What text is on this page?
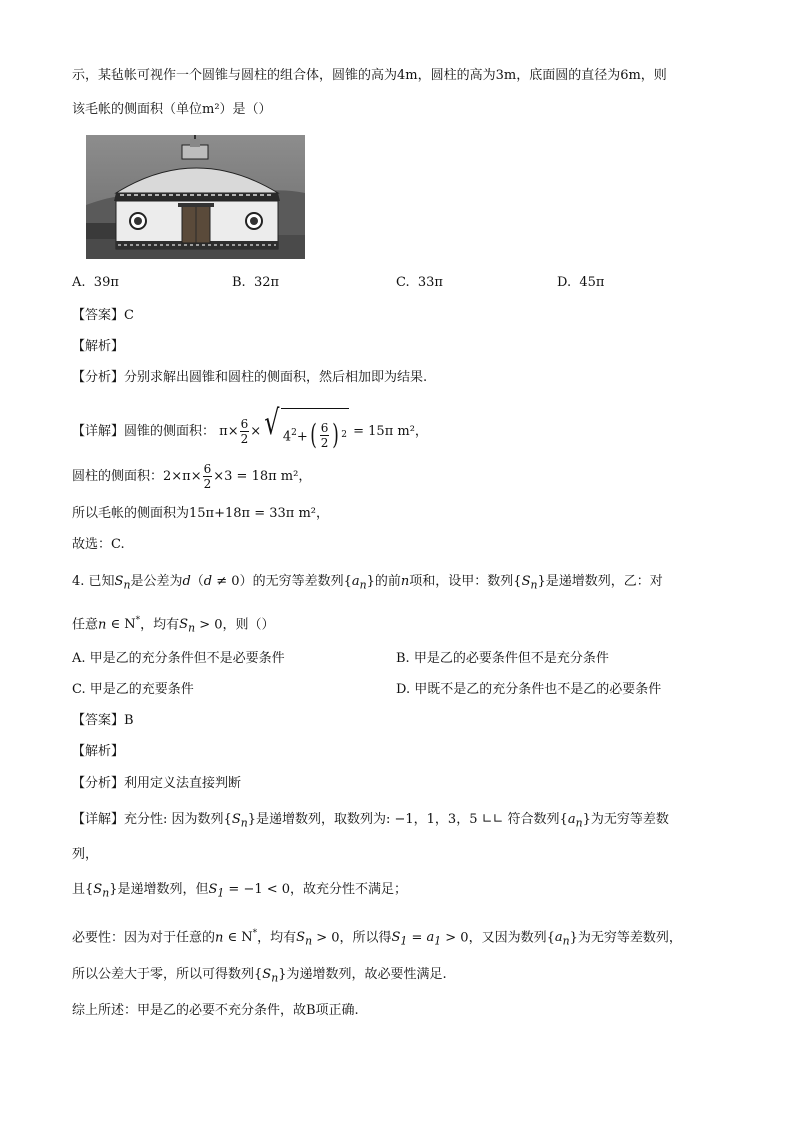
示，某毡帐可视作一个圆锥与圆柱的组合体，圆锥的高为4m，圆柱的高为3m，底面圆的直径为6m，则
该毛帐的侧面积（单位m²）是（）
A. 39π	B. 32π	C. 33π	D. 45π
【答案】C
【解析】
【分析】分别求解出圆锥和圆柱的侧面积，然后相加即为结果.
【详解】圆锥的侧面积： $\pi\times \frac{6}{2}$ × √ $4^2+$ ( $\frac{6}{2}$ ) 2 = 15π m²，
圆柱的侧面积：$2\times\pi\times \frac{6}{2} \times 3 = 18\pi$ m²，
所以毛帐的侧面积为15π+18π = 33π m²，
故选：C.
4. 已知$S_n$是公差为d（d ≠ 0）的无穷等差数列$\{a_n\}$的前n项和，设甲：数列$\{S_n\}$是递增数列，乙：对
任意n ∈ N*，均有$S_n > 0$，则（）
A. 甲是乙的充分条件但不是必要条件	B. 甲是乙的必要条件但不是充分条件
C. 甲是乙的充要条件	D. 甲既不是乙的充分条件也不是乙的必要条件
【答案】B
【解析】
【分析】利用定义法直接判断
【详解】充分性: 因为数列$\{S_n\}$是递增数列，取数列为: −1，1，3，5 ∟∟ 符合数列$\{a_n\}$为无穷等差数
列，
且$\{S_n\}$是递增数列，但$S_1 = -1 < 0$，故充分性不满足；
必要性：因为对于任意的n ∈ N*，均有$S_n > 0$，所以得$S_1 = a_1 > 0$，又因为数列$\{a_n\}$为无穷等差数列，
所以公差大于零，所以可得数列$\{S_n\}$为递增数列，故必要性满足.
综上所述：甲是乙的必要不充分条件，故B项正确.
